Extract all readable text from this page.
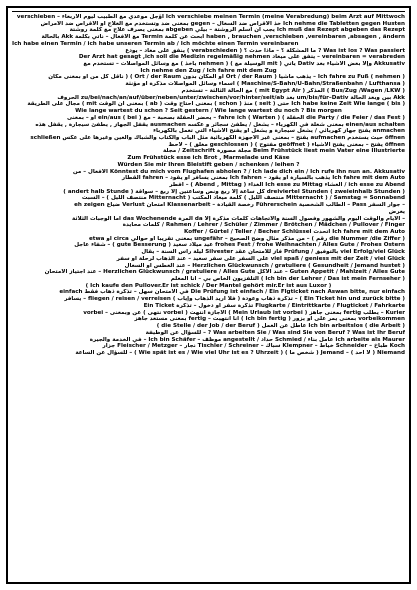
Ich verschiebe meinen Termin (meine Verabredung) beim Arzt auf Mittwoch أؤجل موعدي مع الطبيب ليوم الأربعاء – verschieben
Ich nehme die Tabletten gegen Husten خذ الأقراص ضد السعال – gegen بمعنى ضد وتستخدم مع العلاج أو الأقراص ضد الأمراض
Ich muß das Rezept abgeben das Rezept يجب أن أسلم الروشتة – بيلي abgeben بمعنى يصرف علاج مع كلمة روشتة
haben , brauchen ,verschieben ,vereinbaren ,absagen , ändern ابحث عن كلمة Termin مع الأفعال – نأتي بكلمة Akk بالحالة
Ich habe einen Termin / ich habe unseren Termin ab / Ich möchte einen Termin vereinbaren
Was ist los ? Was passiert ? ما المشكلة ؟ – ماذا حدث ؟ ( verabschieden ) ينفق على معاد – يودع
vereinbaren = verabreden – يتفق على ميعاد Der Arzt hat gesagt ,ich soll die Medizin regelmäßig nehmen
Akkusativ وإلا بعض الأشياء بعد Dativ يأتي ( mit الوسيلة مع ) ( nehmen يأخذ ) مع وسائل المواصلات – تستخدم مع
Ich nehme den Zug / Ich fahre mit dem Zug
Ich fahre zu Fuß ( nehmen ) – يذهب ماشيا ( Ort / der Raum أو المكان بدون Ort / der Raum ) ( ناقل كل من أو بمعنى مكان
( Maschine/S-Bahn/U-Bahn/Straßenbahn / Lufthansa ) أسماء وسائل المواصلات مذكرة أو مؤنثة
( Bus/Zug /Wagen /LKW ) المذكر ( mit Egypt Air ) مع الحالة الثالثة – تستخدم
Akk بين وبعد الحالة um/bis/für–Dativ بعد zu/bei/nach/an/auf/über/neben/unter/zwischen/vor/hinter/seit/ab الحروف
Ich habe keine Zeit Wie lange ( bis ) حتى ( seit ) منذ ( schon ) بمعنى أحتاج وقت ( ab ) بمعنى أن الوقت mit ) مجال على الطريقة
Wie lange wartest du schon ? Seit gestern / Wie lange wartest du noch ? Bis morgen
( die Party / die Feier / das Fest الحفلة ) fahre ich ( Warten ) – يحضر الحفلة بصحبة – مع ( bei ) ein/aus أو – بمعنى
einen/aus schalten بمعنى شعلة في الكهرباء – يشغل / يطفئ سجائر و عكسه ausmachen يقفل الجهاز , يطفئ سيجارة , يقفل هذه
anmachen يفتح جهاز كهربائي / يشعل سيجارة و يشعل أو يفتح الأشياء التي تعمل بالكهرباء
öffnen حيث يستخدم aufmachen يفتح – بمعنى غير الأجهزة الكهربائية مثل الباب والكتاب والشباك والعين وغيرها على عكس schließen
öffnen يفتح – بمعنى يفتح الأشياء ( geöffnet مفتوح ) ( geschlossen مغلق ) – لاحظ
Beim Frühstück liest mein Vater eine Illustrierte مجلة مصورة Zeitschrift / مجلة
Zum Frühstück esse ich Brot , Marmelade und Käse
Würden Sie mir Ihren Bleistift geben / schenken / leihen ?
Könntest du mich vom Flughafen abholen ? / Ich lade dich ein / Ich rufe ihn nun an. Akkusativ الأفعال – من
Ich fahre mit dem Auto يذهب بالسيارة أو يقود – Ich fahren بمعنى يسافر أو يقود – fahren القطار
ich esse zu Abend / العشاء Ich esse zu Mittag الغداء ( Abend , Mittag ) – أفطر
dreiviertel Stunden ( zweieinhalb Stunden ) كل ساعة إلا ربع ونص وساعتين إلا ربع – سواقة ( andert halb Stunde )
Samstag = Sonnabend / ( Mitternacht منتصف الليل ) كلمة ميعاد المكتب ( Mitternacht منتصف الليل ) – السبت
– جوار السفر Pass – الطالب الشخصية Führerschein رخصة القيادة – Klassenarbeit امتحان Verlust ضياع eh zeigen
يعرض
– الأيام والوقت اليوم والشهور وفصول السنة والاتجاهات كلمات مذكرة إلا da المرة das Wochenende أما الوجبات الثلاثة
Rahmen / Lehrer / Schüler / Zimmer / Brötchen / Mädchen / Pullover / Finger / كلمات محايدة
Ich fahre mit dem Auto أتحدث Koffer / Gürtel / Teller / Becher Schlüssel
( die Nummer /die Ziffer رقم ) – من مذكر مثال وضح الصحيح – ungefähr بمعنى تقريبا أو حوالي circa أو etwa
frohes Fest / frohe Weihnachten / Alles Gute / Frohes Ostern عيد ميلاد سعيد ( gute Besserung ) – شفاء عاجل
viel Erfolg/viel Glück بالتوفيق / Prüfung فاز للامتحان عقد Silvester ليلة رأس السنة – يقال
viel spaß / geniess mit der Zeit / viel Glück على السفر على سفر سعيد – عند الذهاب لرحلة أو سفر
( Gesundheit / Jemand hustet ) Herzlichen Glückwunsch / gratuliere – عند العطس أو السعال
Guten Appetit / Mahlzeit / Alles Gute – عند الأكل Herzlichen Glückwunsch / gratuliere / Alles Gute – عند اجتياز الامتحان
( Ich bin der Lehrer / Das ist mein Fernseher ) التلفزيون الخاص بي – أنا المعلم
( Ich kaufe den Pullover.Er ist schick / Der Mantel gehört mir.Er ist aus Luxor )
Die Prüfung ist einfach / Ein Flgticket nach Aswan bitte, nur einfach في الامتحان سهل – تذكرة ذهاب فقط einfach
( Ein Ticket hin und zurück bitte ) – تذكرة ذهاب وعودة ( فلا أريد الذهاب وإياب ) fliegen / reisen / verreisen – يسافر
Flugkarte / Eintrittkarte / Flugticket / Fahrkarte تذكرة سفر أو دخول – تذكرة Ein Ticket
Kurier – يطلب fertig بمعنى جاهز ( Mein Urlaub ist vorbei ) الأجازة انتهت ( vorbei نتهى ) عن وبمعنى – vorbei
vorbeikommen بمعنى يمر على أو يزور ( Ich bin fertig ) أنا انتهيت – fertig بمعنى مستعد جاهز
Ich bin arbeitslos ( die Arbeit ) عاطل عن العمل ( die Stelle / der Job / der Beruf )
Was arbeiten Sie / Was sind Sie von Beruf ? Was ist Ihr Beruf ? – للسؤال عن الوظيفة
Ich arbeite als Maurer عامل بناء / Schmied حداد / angestellt موظف – Ich bin Schäfer – في الخدمة والجيرة
Koch طباخ – Schneider خياط – Klempner سباك – Tischler / Schreiner نجار – Fleischer / Metzger جزار
Niemand ( لا أحد ) – Jemand ( شخص ما ) ( Wie spät ist es / Wie viel Uhr ist es ? Uhrzeit ) – للسؤال عن الساعة
